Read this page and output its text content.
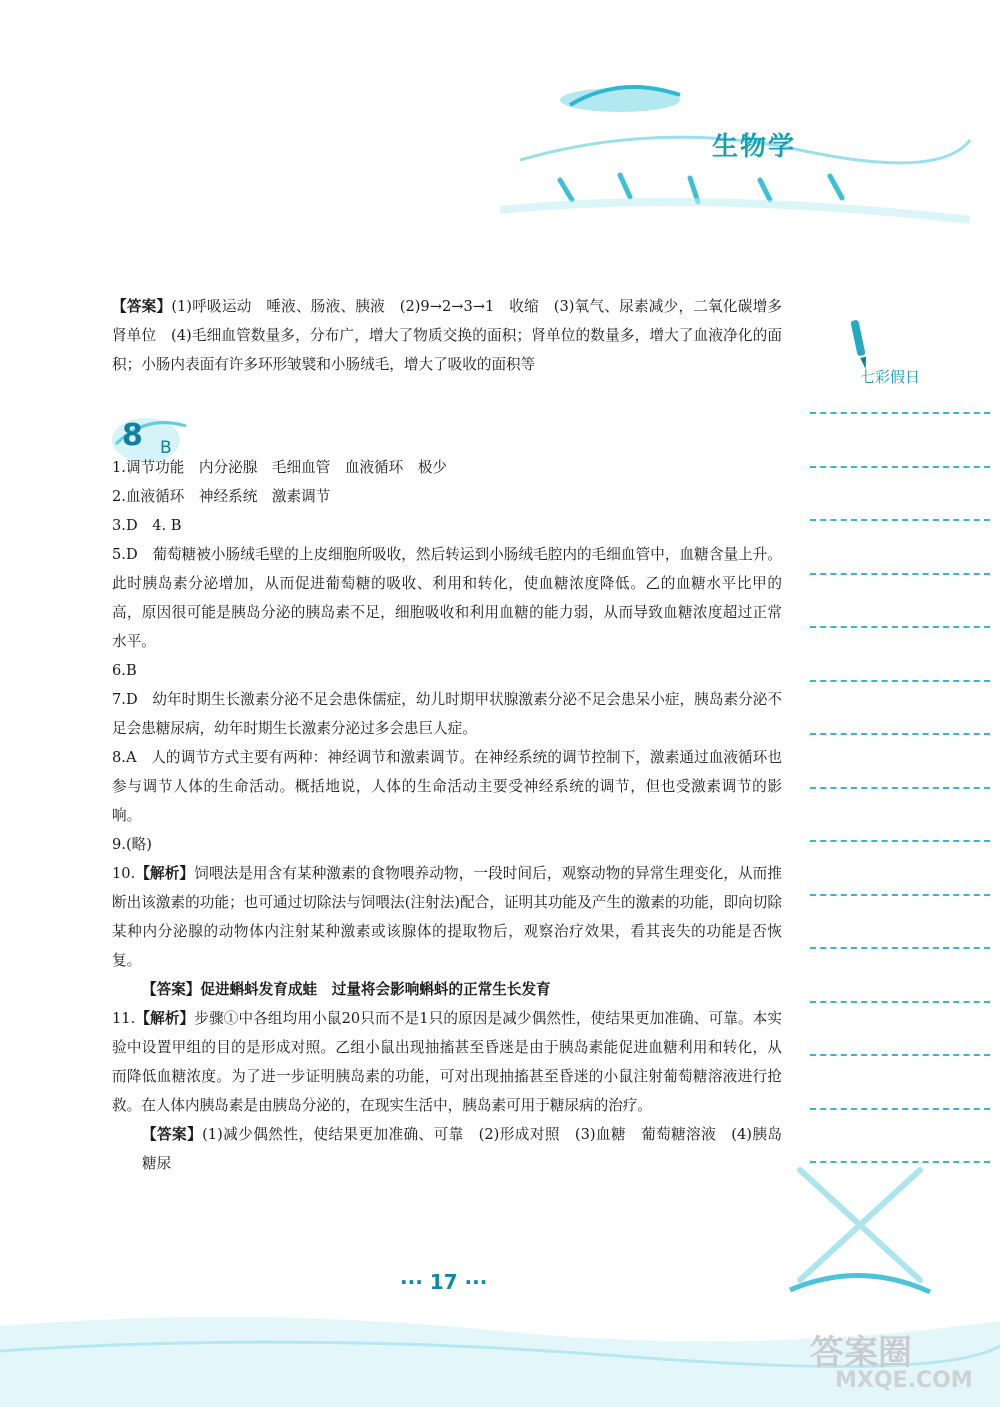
生物学
七彩假日
8 B

【答案】(1)呼吸运动　唾液、肠液、胰液　(2)9→2→3→1　收缩　(3)氧气、尿素减少，二氧化碳增多　肾单位　(4)毛细血管数量多，分布广，增大了物质交换的面积；肾单位的数量多，增大了血液净化的面积；小肠内表面有许多环形皱襞和小肠绒毛，增大了吸收的面积等

1.调节功能　内分泌腺　毛细血管　血液循环　极少

2.血液循环　神经系统　激素调节

3.D　4. B

5.D　葡萄糖被小肠绒毛壁的上皮细胞所吸收，然后转运到小肠绒毛腔内的毛细血管中，血糖含量上升。此时胰岛素分泌增加，从而促进葡萄糖的吸收、利用和转化，使血糖浓度降低。乙的血糖水平比甲的高，原因很可能是胰岛分泌的胰岛素不足，细胞吸收和利用血糖的能力弱，从而导致血糖浓度超过正常水平。

6.B

7.D　幼年时期生长激素分泌不足会患侏儒症，幼儿时期甲状腺激素分泌不足会患呆小症，胰岛素分泌不足会患糖尿病，幼年时期生长激素分泌过多会患巨人症。

8.A　人的调节方式主要有两种：神经调节和激素调节。在神经系统的调节控制下，激素通过血液循环也参与调节人体的生命活动。概括地说，人体的生命活动主要受神经系统的调节，但也受激素调节的影响。

9.(略)

10.【解析】饲喂法是用含有某种激素的食物喂养动物，一段时间后，观察动物的异常生理变化，从而推断出该激素的功能；也可通过切除法与饲喂法(注射法)配合，证明其功能及产生的激素的功能，即向切除某种内分泌腺的动物体内注射某种激素或该腺体的提取物后，观察治疗效果，看其丧失的功能是否恢复。

【答案】促进蝌蚪发育成蛙　过量将会影响蝌蚪的正常生长发育

11.【解析】步骤①中各组均用小鼠20只而不是1只的原因是减少偶然性，使结果更加准确、可靠。本实验中设置甲组的目的是形成对照。乙组小鼠出现抽搐甚至昏迷是由于胰岛素能促进血糖利用和转化，从而降低血糖浓度。为了进一步证明胰岛素的功能，可对出现抽搐甚至昏迷的小鼠注射葡萄糖溶液进行抢救。在人体内胰岛素是由胰岛分泌的，在现实生活中，胰岛素可用于糖尿病的治疗。

【答案】(1)减少偶然性，使结果更加准确、可靠　(2)形成对照　(3)血糖　葡萄糖溶液　(4)胰岛　糖尿

··· 17 ···
答案圈
MXQE.COM
